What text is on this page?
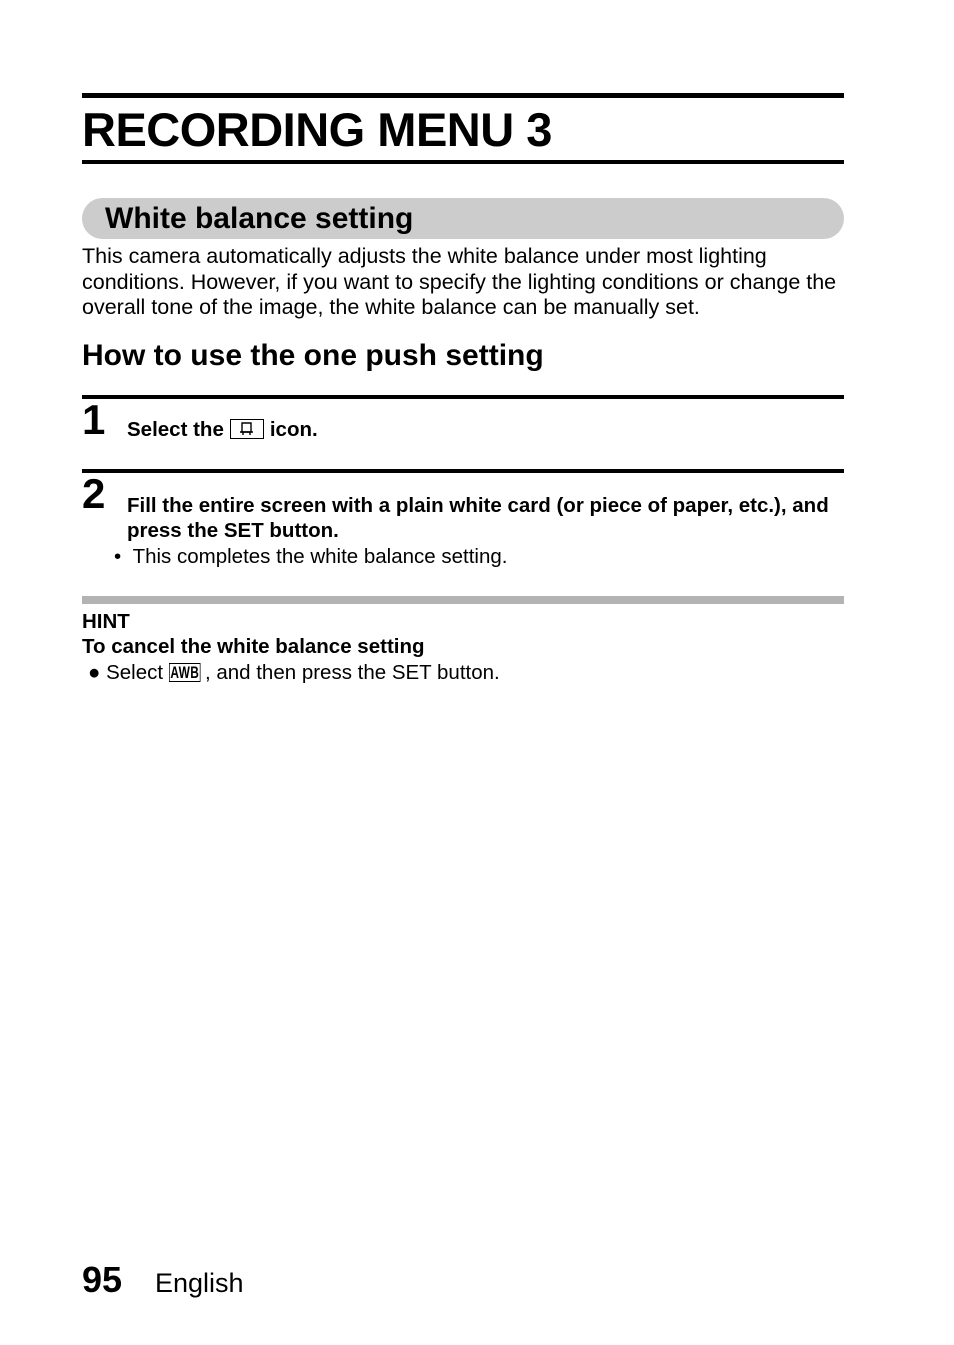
RECORDING MENU 3
White balance setting

This camera automatically adjusts the white balance under most lighting conditions. However, if you want to specify the lighting conditions or change the overall tone of the image, the white balance can be manually set.

How to use the one push setting
1 Select the icon.
2 Fill the entire screen with a plain white card (or piece of paper, etc.), and press the SET button.
•  This completes the white balance setting.
HINT
To cancel the white balance setting
● Select AWB , and then press the SET button.
95 English
